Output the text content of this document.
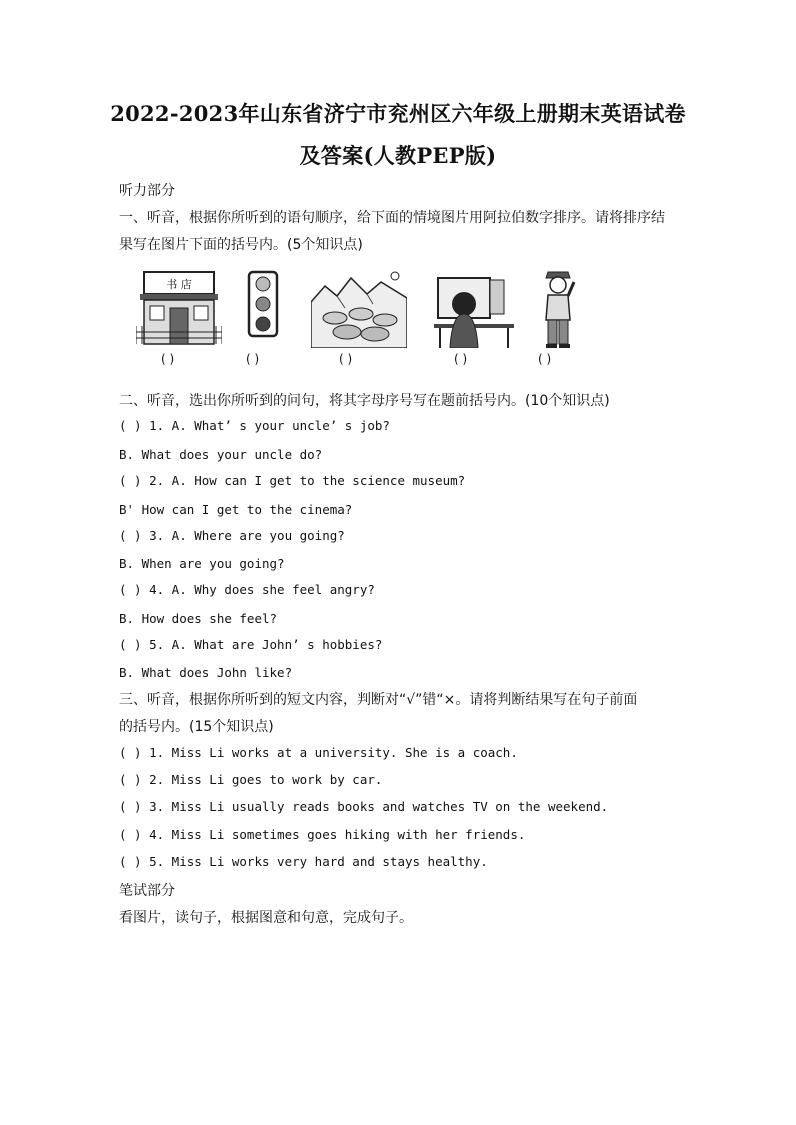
2022-2023年山东省济宁市兖州区六年级上册期末英语试卷
及答案(人教PEP版)
听力部分
一、听音，根据你所听到的语句顺序，给下面的情境图片用阿拉伯数字排序。请将排序结
果写在图片下面的括号内。(5个知识点)
书 店
( )	( )	( )	( )	( )
二、听音，选出你所听到的问句，将其字母序号写在题前括号内。(10个知识点)
( ) 1. A. What’ s your uncle’ s job?
B. What does your uncle do?
( ) 2. A. How can I get to the science museum?
B' How can I get to the cinema?
( ) 3. A. Where are you going?
B. When are you going?
( ) 4. A. Why does she feel angry?
B. How does she feel?
( ) 5. A. What are John’ s hobbies?
B. What does John like?
三、听音，根据你所听到的短文内容，判断对“√”错“×。请将判断结果写在句子前面
的括号内。(15个知识点)
( ) 1. Miss Li works at a university. She is a coach.
( ) 2. Miss Li goes to work by car.
( ) 3. Miss Li usually reads books and watches TV on the weekend.
( ) 4. Miss Li sometimes goes hiking with her friends.
( ) 5. Miss Li works very hard and stays healthy.
笔试部分
看图片，读句子，根据图意和句意，完成句子。
